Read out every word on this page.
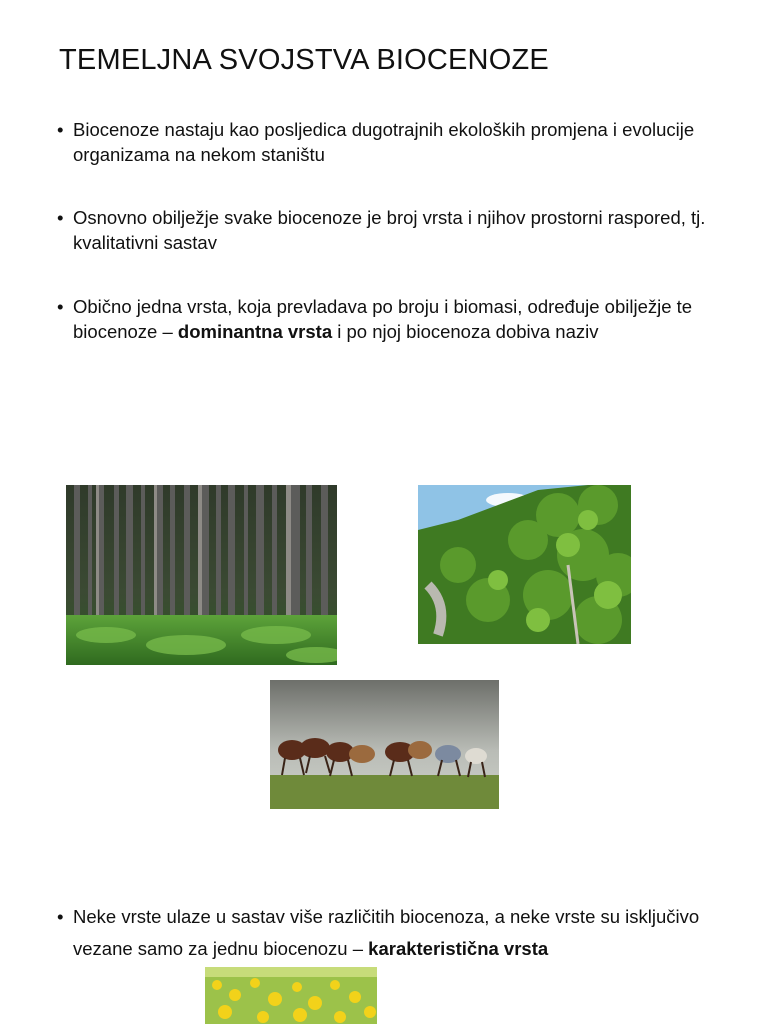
TEMELJNA SVOJSTVA BIOCENOZE
• Biocenoze nastaju kao posljedica dugotrajnih ekoloških promjena i evolucije organizama na nekom staništu
• Osnovno obilježje svake biocenoze je broj vrsta i njihov prostorni raspored, tj. kvalitativni sastav
• Obično jedna vrsta, koja prevladava po broju i biomasi, određuje obilježje te biocenoze – dominantna vrsta i po njoj biocenoza dobiva naziv
• Neke vrste ulaze u sastav više različitih biocenoza, a neke vrste su isključivo vezane samo za jednu biocenozu – karakteristična vrsta
